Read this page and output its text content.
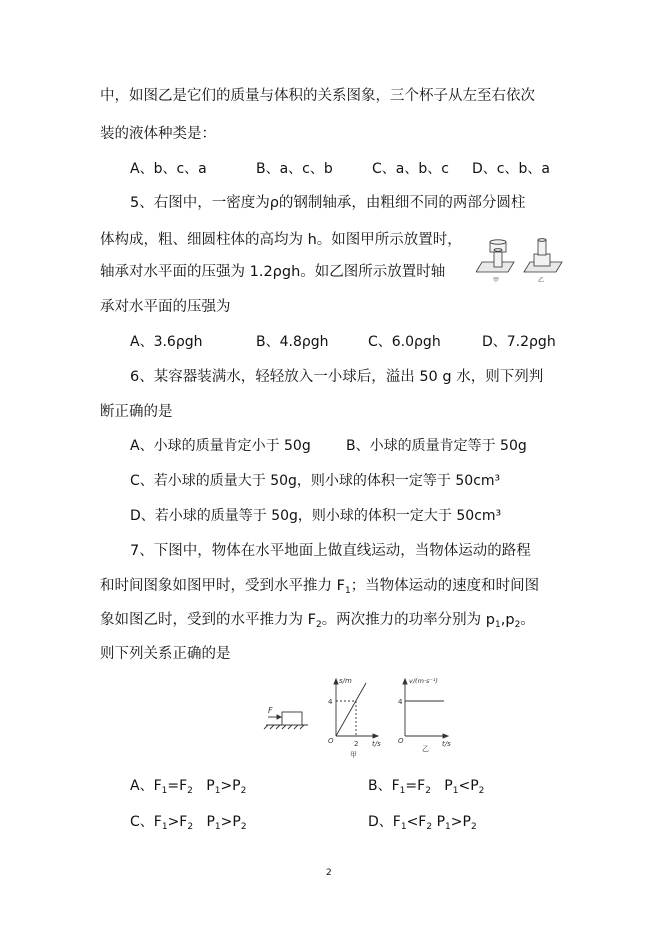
中，如图乙是它们的质量与体积的关系图象，三个杯子从左至右依次
装的液体种类是：
A、b、c、a	B、a、c、b	C、a、b、c D、c、b、a
5、右图中，一密度为ρ的钢制轴承，由粗细不同的两部分圆柱
体构成，粗、细圆柱体的高均为 h。如图甲所示放置时，
轴承对水平面的压强为 1.2ρgh。如乙图所示放置时轴
承对水平面的压强为
甲	乙
A、3.6ρgh	B、4.8ρgh	C、6.0ρgh	D、7.2ρgh
6、某容器装满水，轻轻放入一小球后，溢出 50 g 水，则下列判
断正确的是
A、小球的质量肯定小于 50g	B、小球的质量肯定等于 50g
C、若小球的质量大于 50g，则小球的体积一定等于 50cm³
D、若小球的质量等于 50g，则小球的体积一定大于 50cm³
7、下图中，物体在水平地面上做直线运动，当物体运动的路程
和时间图象如图甲时，受到水平推力 $F_1$；当物体运动的速度和时间图
象如图乙时，受到的水平推力为 $F_2$。两次推力的功率分别为 $p_1,p_2$。
则下列关系正确的是
F
s/m
4
O	2 t/s
甲
v/(m·s⁻¹)
4
O	t/s
乙
A、$F_1=F_2$ $P_1>P_2$	B、$F_1=F_2$ $P_1<P_2$
C、$F_1>F_2$ $P_1>P_2$	D、$F_1<F_2$ $P_1>P_2$
2
